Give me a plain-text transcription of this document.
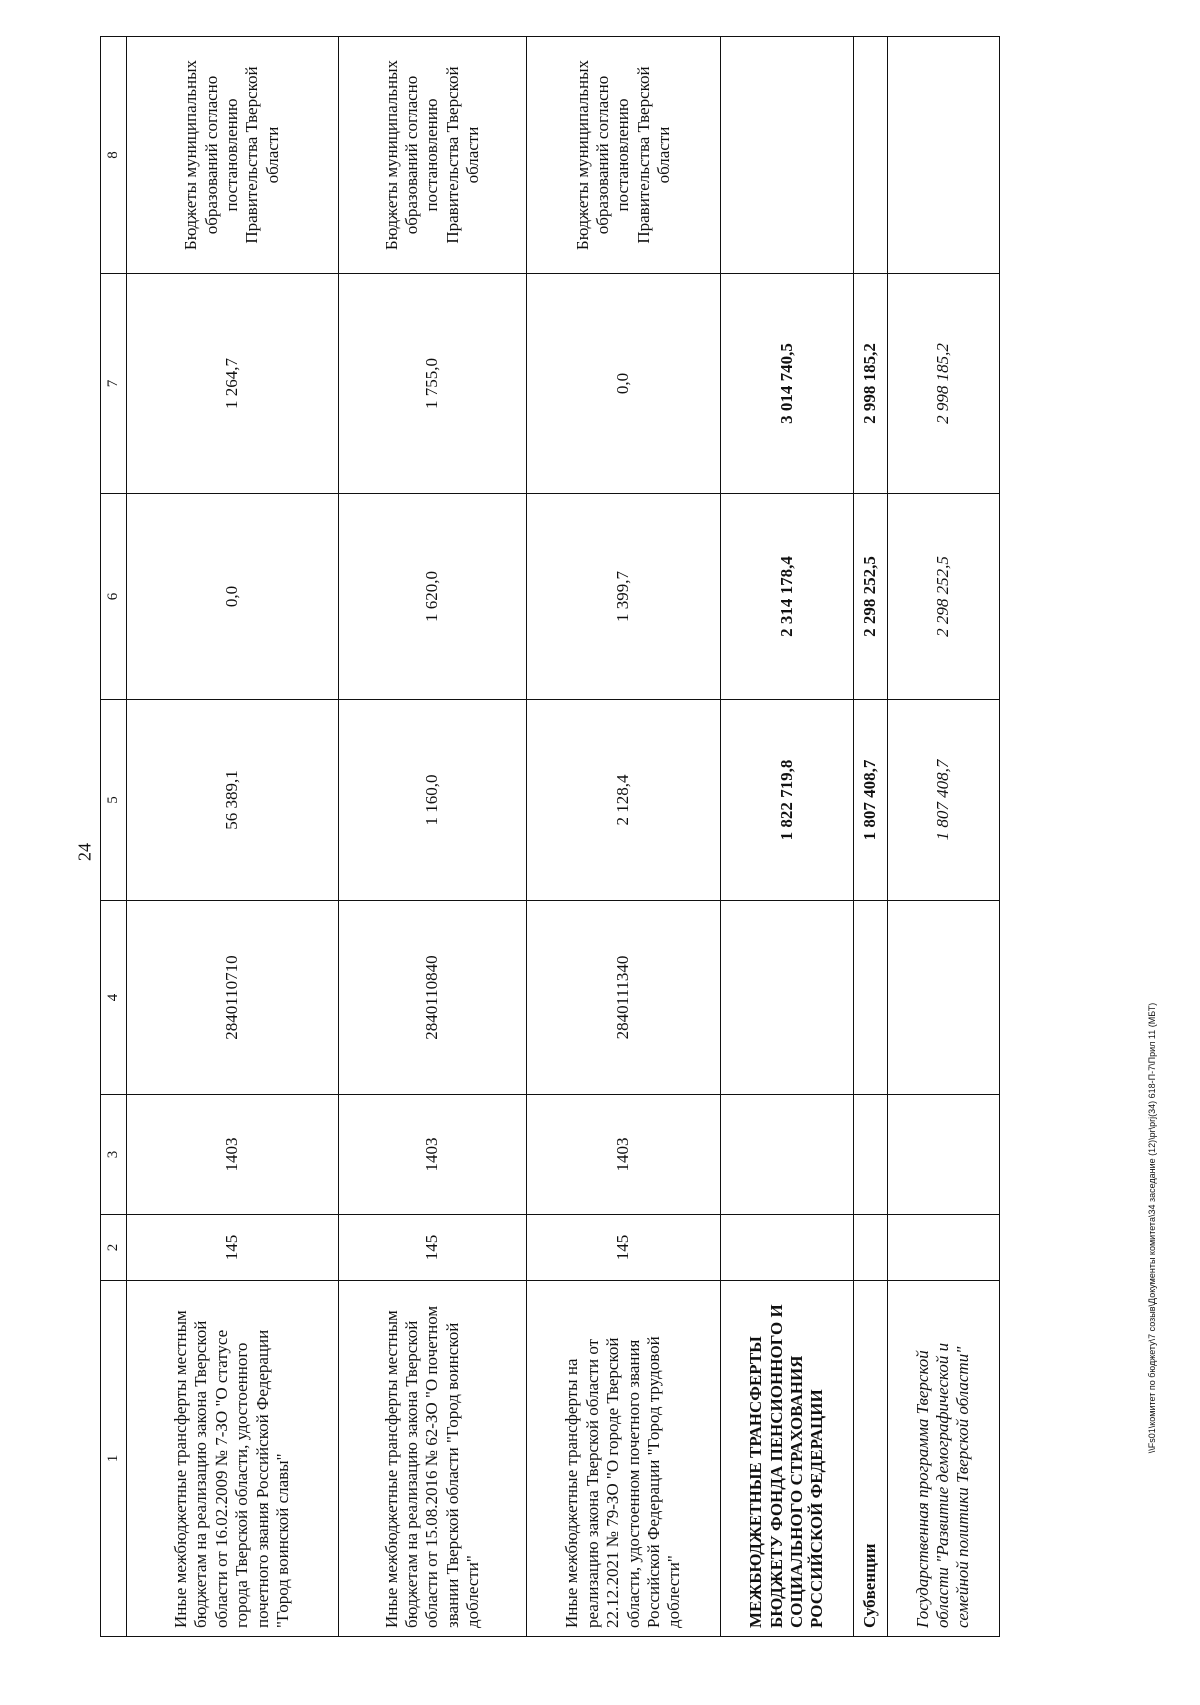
24
\\Fs01\комитет по бюджету\7 созыв\Документы комитета\34 заседание (12)\pr\prj(34) 618-П-7\Прил 11 (МБТ)
1	2	3	4	5	6	7	8
Иные межбюджетные трансферты местным бюджетам на реализацию закона Тверской области от 16.02.2009 № 7-ЗО "О статусе города Тверской области, удостоенного почетного звания Российской Федерации "Город воинской славы"	145	1403	2840110710	56 389,1	0,0	1 264,7	Бюджеты муниципальных образований согласно постановлению Правительства Тверской области
Иные межбюджетные трансферты местным бюджетам на реализацию закона Тверской области от 15.08.2016 № 62-ЗО "О почетном звании Тверской области "Город воинской доблести"	145	1403	2840110840	1 160,0	1 620,0	1 755,0	Бюджеты муниципальных образований согласно постановлению Правительства Тверской области
Иные межбюджетные трансферты на реализацию закона Тверской области от 22.12.2021 № 79-ЗО "О городе Тверской области, удостоенном почетного звания Российской Федерации "Город трудовой доблести"	145	1403	2840111340	2 128,4	1 399,7	0,0	Бюджеты муниципальных образований согласно постановлению Правительства Тверской области
МЕЖБЮДЖЕТНЫЕ ТРАНСФЕРТЫ БЮДЖЕТУ ФОНДА ПЕНСИОННОГО И СОЦИАЛЬНОГО СТРАХОВАНИЯ РОССИЙСКОЙ ФЕДЕРАЦИИ				1 822 719,8	2 314 178,4	3 014 740,5	
Субвенции				1 807 408,7	2 298 252,5	2 998 185,2	
Государственная программа Тверской области "Развитие демографической и семейной политики Тверской области"				1 807 408,7	2 298 252,5	2 998 185,2	
